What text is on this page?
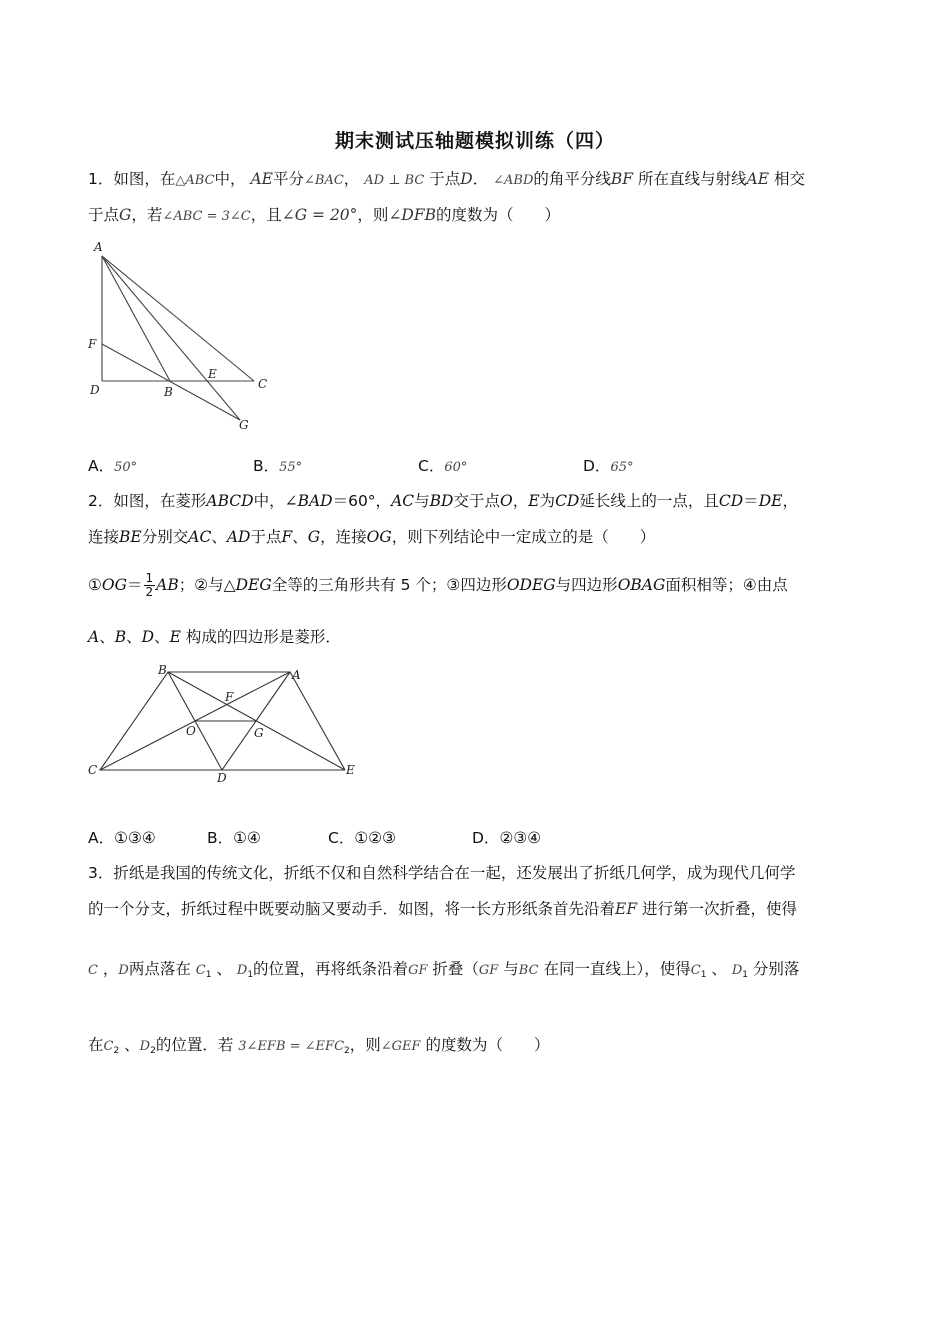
期末测试压轴题模拟训练（四）
1．如图，在△ABC中， AE平分∠BAC， AD ⊥ BC 于点D． ∠ABD的角平分线BF 所在直线与射线AE 相交
于点G，若∠ABC = 3∠C，且∠G = 20°，则∠DFB的度数为（　　）
A
F
D	B
E
C
G
A．50°	B．55°	C．60°	D．65°
2．如图，在菱形ABCD中，∠BAD＝60°，AC与BD交于点O，E为CD延长线上的一点，且CD＝DE，
连接BE分别交AC、AD于点F、G，连接OG，则下列结论中一定成立的是（　　）
①OG＝ $\frac{1}{2}$ AB；②与△DEG全等的三角形共有 5 个；③四边形ODEG与四边形OBAG面积相等；④由点
A、B、D、E 构成的四边形是菱形．
B	A
F
O	G
C
D
E
A．①③④	B．①④	C．①②③	D．②③④
3．折纸是我国的传统文化，折纸不仅和自然科学结合在一起，还发展出了折纸几何学，成为现代几何学
的一个分支，折纸过程中既要动脑又要动手．如图，将一长方形纸条首先沿着EF 进行第一次折叠，使得
C ，D两点落在 $C_1$ 、 $D_1$的位置，再将纸条沿着GF 折叠（GF 与BC 在同一直线上），使得$C_1$ 、 $D_1$ 分别落
在$C_2$ 、$D_2$的位置．若 3∠EFB = $\angle EFC_2$，则∠GEF 的度数为（　　）
